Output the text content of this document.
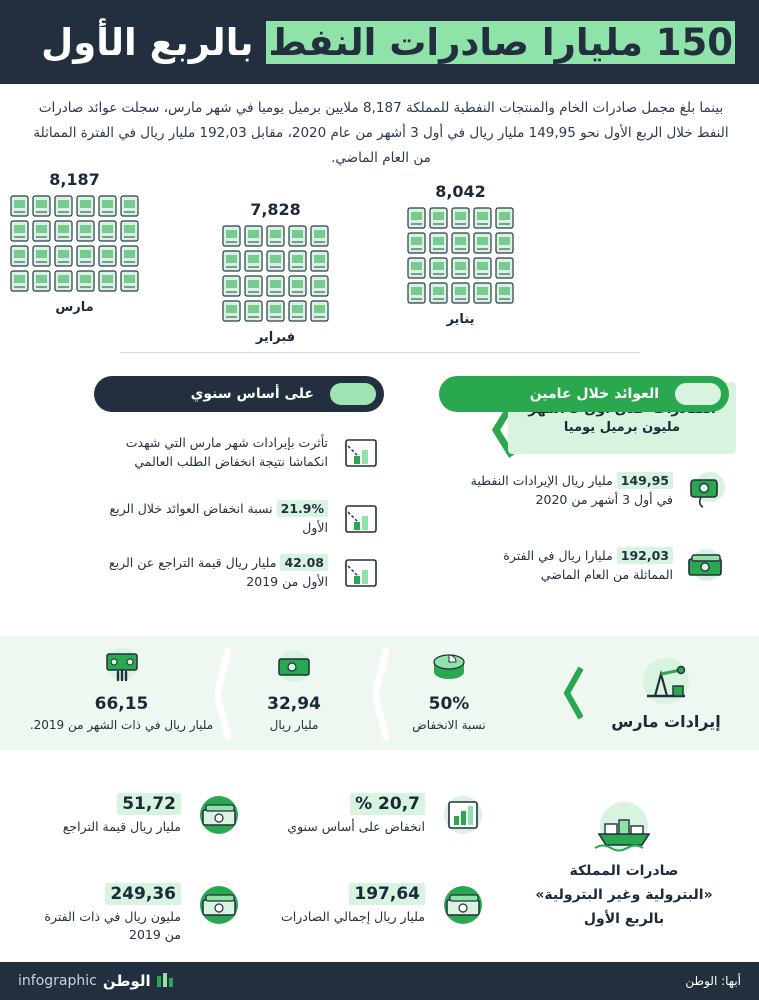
150 مليارا صادرات النفط بالربع الأول
بينما بلغ مجمل صادرات الخام والمنتجات النفطية للمملكة 8,187 ملايين برميل يوميا في شهر مارس، سجلت عوائد صادرات النفط خلال الربع الأول نحو 149,95 مليار ريال في أول 3 أشهر من عام 2020، مقابل 192,03 مليار ريال في الفترة المماثلة من العام الماضي.
8,187
مارس
7,828
فبراير
8,042
يناير
مليون برميل يوميا
العوائد خلال عامين
149,95 مليار ريال الإيرادات النفطية
في أول 3 أشهر من 2020
192,03 مليارا ريال في الفترة
المماثلة من العام الماضي
على أساس سنوي
تأثرت بإيرادات شهر مارس التي شهدت
انكماشا نتيجة انخفاض الطلب العالمي
21.9% نسبة انخفاض العوائد خلال الربع الأول
42.08 مليار ريال قيمة التراجع عن الربع
الأول من 2019
إيرادات مارس
50%
نسبة الانخفاض
32,94
مليار ريال
66,15
مليار ريال في ذات الشهر من 2019.
صادرات المملكة
«البترولية وغير البترولية»
بالربع الأول
20,7 %
انخفاض على أساس سنوي
51,72
مليار ريال قيمة التراجع
197,64
مليار ريال إجمالي الصادرات
249,36
مليون ريال في ذات الفترة من 2019
أبها: الوطن
الوطن
infographic
